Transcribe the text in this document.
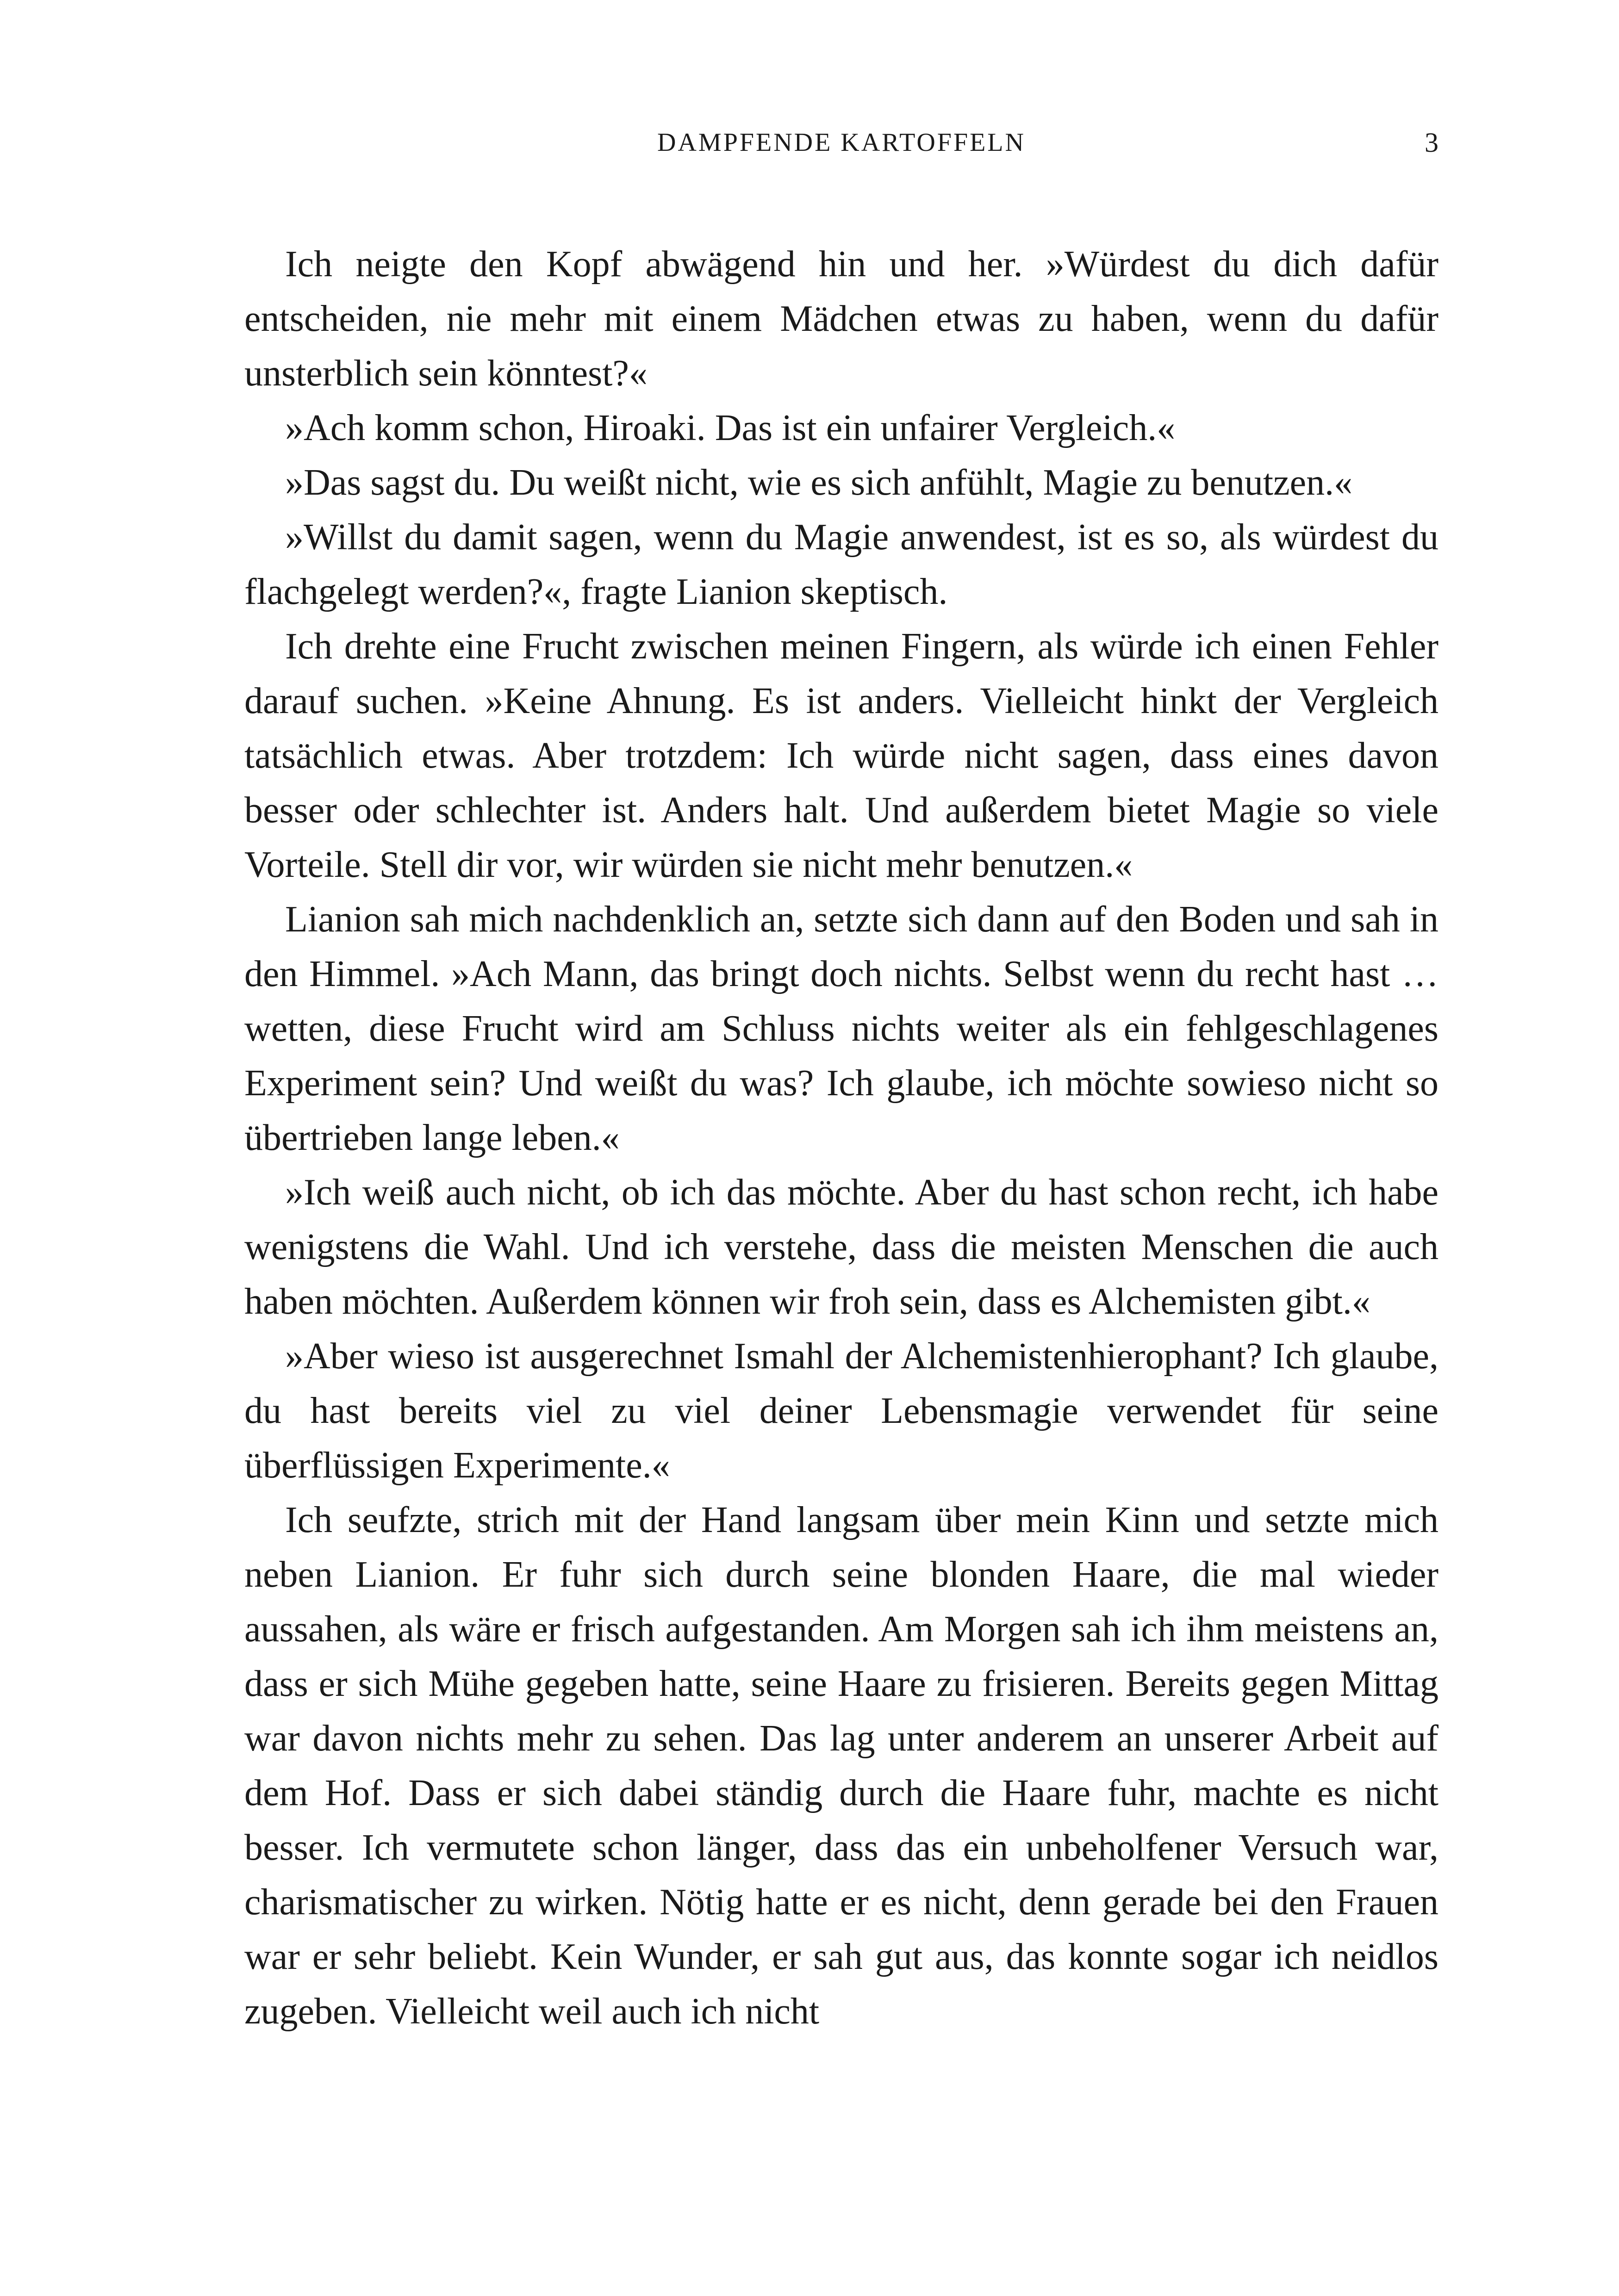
DAMPFENDE KARTOFFELN	3

Ich neigte den Kopf abwägend hin und her. »Würdest du dich dafür entscheiden, nie mehr mit einem Mädchen etwas zu haben, wenn du dafür unsterblich sein könntest?«

»Ach komm schon, Hiroaki. Das ist ein unfairer Vergleich.«

»Das sagst du. Du weißt nicht, wie es sich anfühlt, Magie zu benutzen.«

»Willst du damit sagen, wenn du Magie anwendest, ist es so, als würdest du flachgelegt werden?«, fragte Lianion skeptisch.

Ich drehte eine Frucht zwischen meinen Fingern, als würde ich einen Fehler darauf suchen. »Keine Ahnung. Es ist anders. Vielleicht hinkt der Vergleich tatsächlich etwas. Aber trotzdem: Ich würde nicht sagen, dass eines davon besser oder schlechter ist. Anders halt. Und außerdem bietet Magie so viele Vorteile. Stell dir vor, wir würden sie nicht mehr benutzen.«

Lianion sah mich nachdenklich an, setzte sich dann auf den Boden und sah in den Himmel. »Ach Mann, das bringt doch nichts. Selbst wenn du recht hast … wetten, diese Frucht wird am Schluss nichts weiter als ein fehlgeschlagenes Experiment sein? Und weißt du was? Ich glaube, ich möchte sowieso nicht so übertrieben lange leben.«

»Ich weiß auch nicht, ob ich das möchte. Aber du hast schon recht, ich habe wenigstens die Wahl. Und ich verstehe, dass die meisten Menschen die auch haben möchten. Außerdem können wir froh sein, dass es Alchemisten gibt.«

»Aber wieso ist ausgerechnet Ismahl der Alchemistenhierophant? Ich glaube, du hast bereits viel zu viel deiner Lebensmagie verwendet für seine überflüssigen Experimente.«

Ich seufzte, strich mit der Hand langsam über mein Kinn und setzte mich neben Lianion. Er fuhr sich durch seine blonden Haare, die mal wieder aussahen, als wäre er frisch aufgestanden. Am Morgen sah ich ihm meistens an, dass er sich Mühe gegeben hatte, seine Haare zu frisieren. Bereits gegen Mittag war davon nichts mehr zu sehen. Das lag unter anderem an unserer Arbeit auf dem Hof. Dass er sich dabei ständig durch die Haare fuhr, machte es nicht besser. Ich vermutete schon länger, dass das ein unbeholfener Versuch war, charismatischer zu wirken. Nötig hatte er es nicht, denn gerade bei den Frauen war er sehr beliebt. Kein Wunder, er sah gut aus, das konnte sogar ich neidlos zugeben. Vielleicht weil auch ich nicht
